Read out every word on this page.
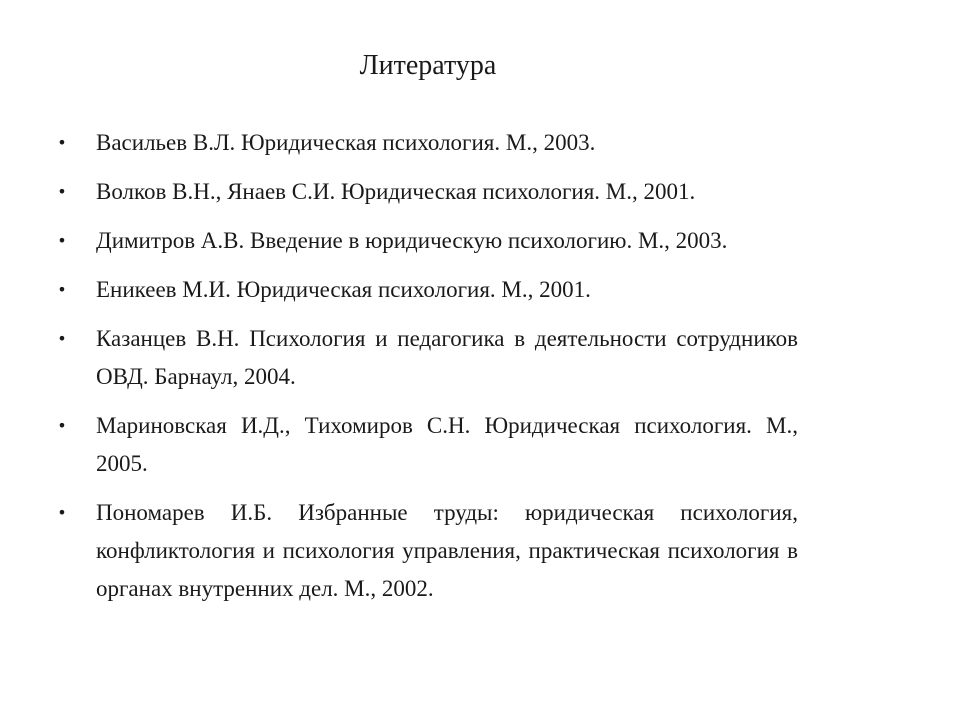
Литература
• Васильев В.Л. Юридическая психология. М., 2003.
• Волков В.Н., Янаев С.И. Юридическая психология. М., 2001.
• Димитров А.В. Введение в юридическую психологию. М., 2003.
• Еникеев М.И. Юридическая психология. М., 2001.
• Казанцев В.Н. Психология и педагогика в деятельности сотрудников ОВД. Барнаул, 2004.
• Мариновская И.Д., Тихомиров С.Н. Юридическая психология. М., 2005.
• Пономарев И.Б. Избранные труды: юридическая психология, конфликтология и психология управления, практическая психология в органах внутренних дел. М., 2002.
